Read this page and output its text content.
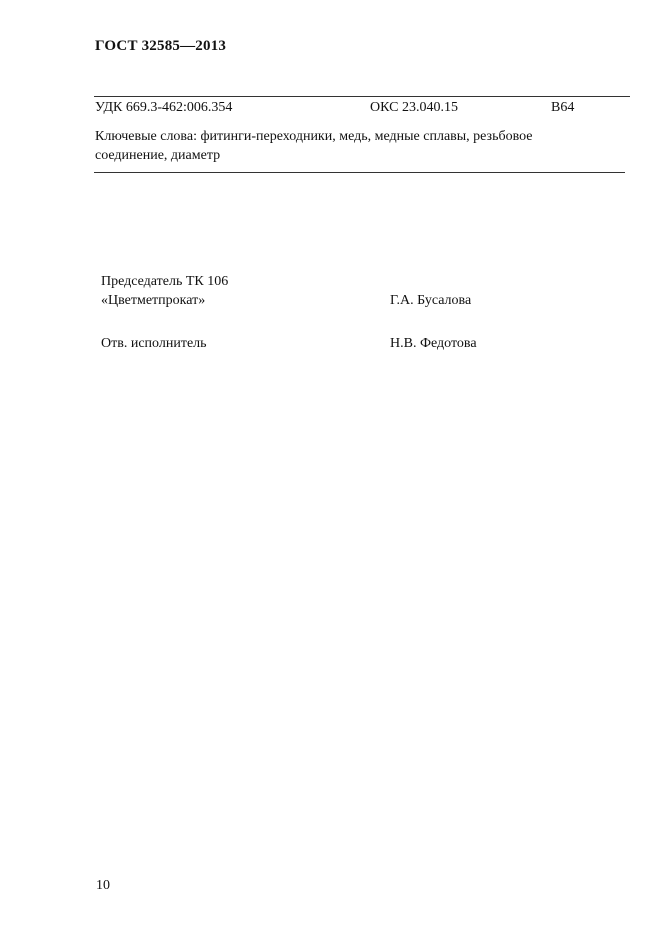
ГОСТ 32585—2013
УДК 669.3-462:006.354	ОКС 23.040.15	В64
Ключевые слова: фитинги-переходники, медь, медные сплавы, резьбовое
соединение, диаметр
Председатель ТК 106
«Цветметпрокат»	Г.А. Бусалова
Отв. исполнитель	Н.В. Федотова
10
